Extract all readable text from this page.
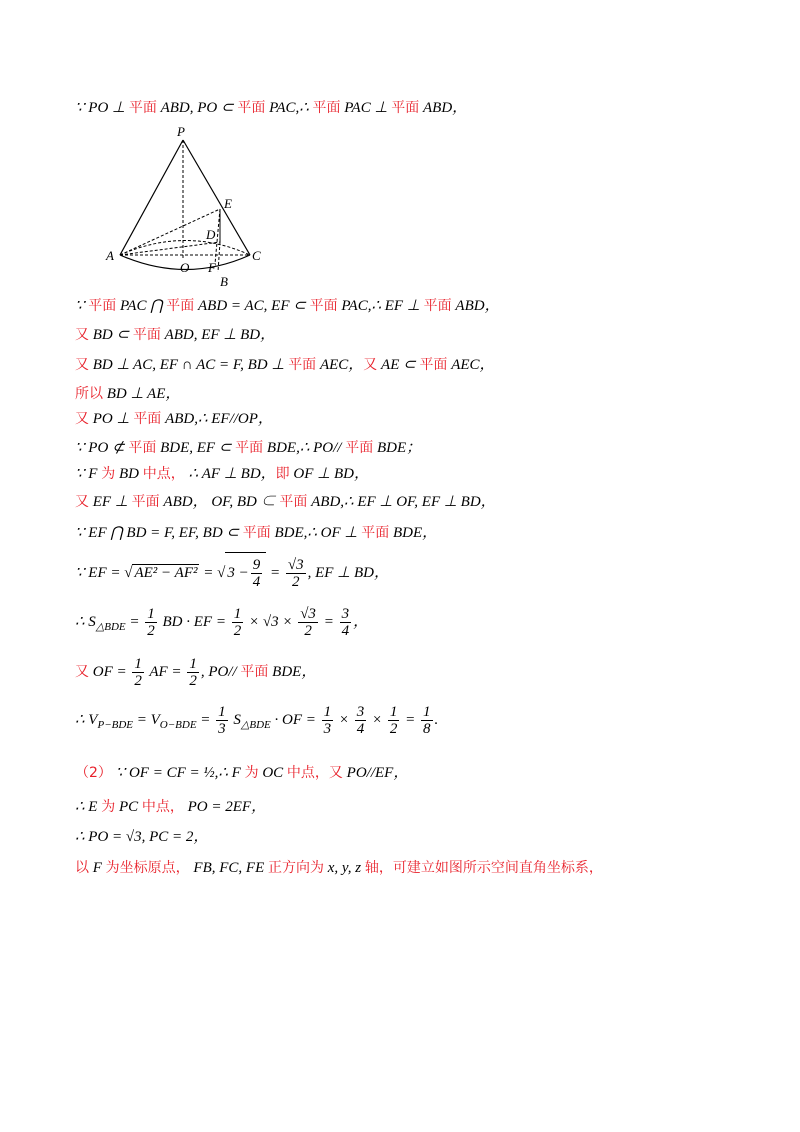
∵ PO ⊥ 平面 ABD, PO ⊂ 平面 PAC,∴ 平面 PAC ⊥ 平面 ABD，
P
E
D
A
O F
C
B
∵ 平面 PAC ⋂ 平面 ABD = AC, EF ⊂ 平面 PAC,∴ EF ⊥ 平面 ABD，
又 BD ⊂ 平面 ABD, EF ⊥ BD，
又 BD ⊥ AC, EF ∩ AC = F, BD ⊥ 平面 AEC，又 AE ⊂ 平面 AEC，
所以 BD ⊥ AE，
又 PO ⊥ 平面 ABD,∴ EF//OP，
∵ PO ⊄ 平面 BDE, EF ⊂ 平面 BDE,∴ PO// 平面 BDE；
∵ F 为 BD 中点， ∴ AF ⊥ BD，即 OF ⊥ BD，
又 EF ⊥ 平面 ABD， OF, BD ⊂ 平面 ABD,∴ EF ⊥ OF, EF ⊥ BD，
∵ EF ⋂ BD = F, EF, BD ⊂ 平面 BDE,∴ OF ⊥ 平面 BDE，
∵ EF = √ AE² − AF² = √ $3 - \frac{9}{4} = \frac{√3}{2}$ , EF ⊥ BD，
∴ $S_{\triangle BDE} = \frac{1}{2}$ BD · EF = $\frac{1}{2} \times √3 \times \frac{√3}{2} = \frac{3}{4}$ ，
又 OF = $\frac{1}{2}$ AF = $\frac{1}{2}$ , PO// 平面 BDE，
∴ $V_{P-BDE} = V_{O-BDE} = \frac{1}{3} S_{\triangle BDE}$ · OF = $\frac{1}{3} \times \frac{3}{4} \times \frac{1}{2} = \frac{1}{8}$ .
（2） ∵ OF = CF = ½,∴ F 为 OC 中点，又 PO//EF，
∴ E 为 PC 中点， PO = 2EF，
∴ PO = √3, PC = 2，
以 F 为坐标原点， FB, FC, FE 正方向为 x, y, z 轴，可建立如图所示空间直角坐标系，
